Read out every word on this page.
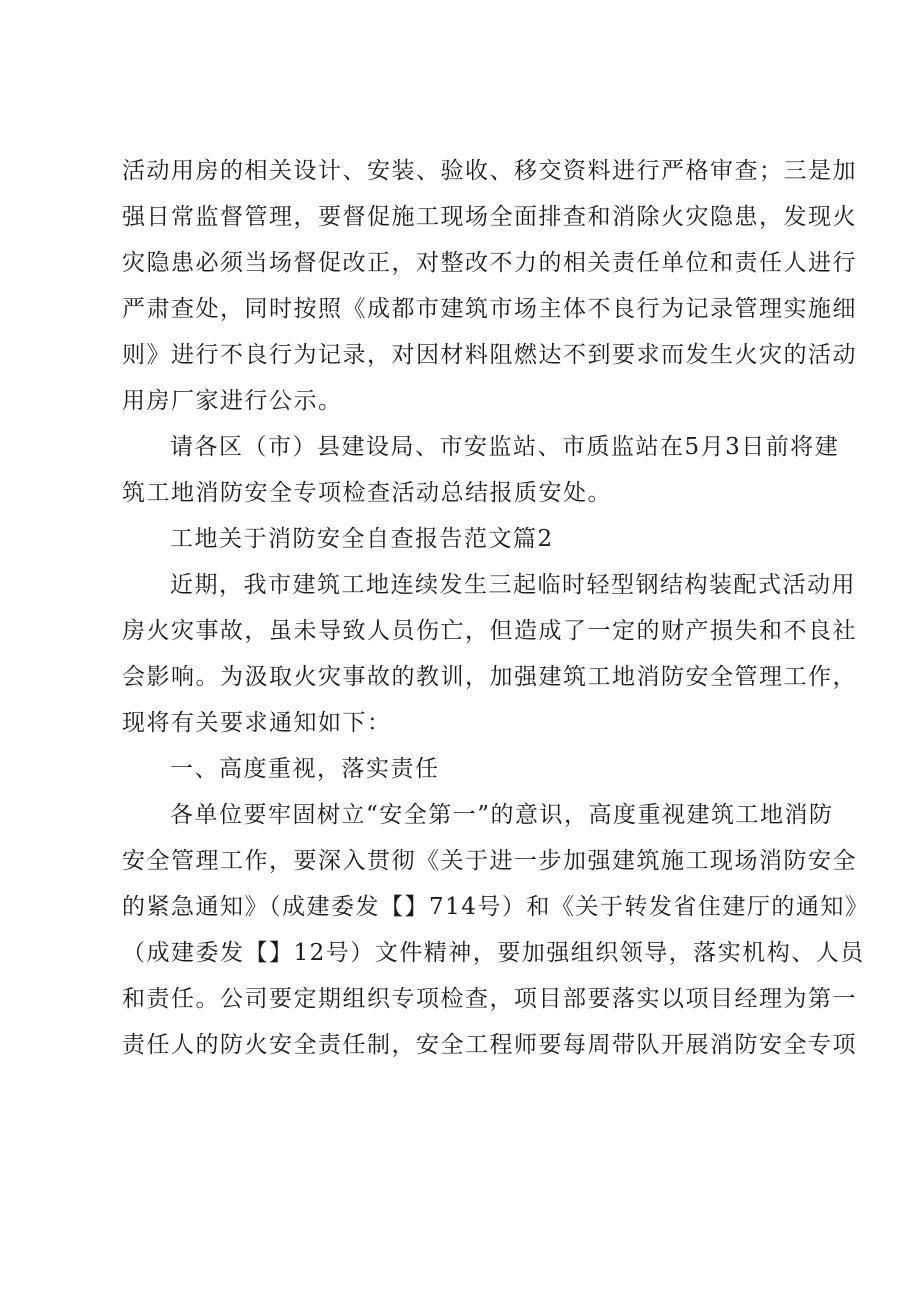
活动用房的相关设计、安装、验收、移交资料进行严格审查；三是加
强日常监督管理，要督促施工现场全面排查和消除火灾隐患，发现火
灾隐患必须当场督促改正，对整改不力的相关责任单位和责任人进行
严肃查处，同时按照《成都市建筑市场主体不良行为记录管理实施细
则》进行不良行为记录，对因材料阻燃达不到要求而发生火灾的活动
用房厂家进行公示。
请各区（市）县建设局、市安监站、市质监站在5月3日前将建
筑工地消防安全专项检查活动总结报质安处。
工地关于消防安全自查报告范文篇2
近期，我市建筑工地连续发生三起临时轻型钢结构装配式活动用
房火灾事故，虽未导致人员伤亡，但造成了一定的财产损失和不良社
会影响。为汲取火灾事故的教训，加强建筑工地消防安全管理工作，
现将有关要求通知如下：
一、高度重视，落实责任
各单位要牢固树立“安全第一”的意识，高度重视建筑工地消防
安全管理工作，要深入贯彻《关于进一步加强建筑施工现场消防安全
的紧急通知》（成建委发【】714号）和《关于转发省住建厅的通知》
（成建委发【】12号）文件精神，要加强组织领导，落实机构、人员
和责任。公司要定期组织专项检查，项目部要落实以项目经理为第一
责任人的防火安全责任制，安全工程师要每周带队开展消防安全专项
